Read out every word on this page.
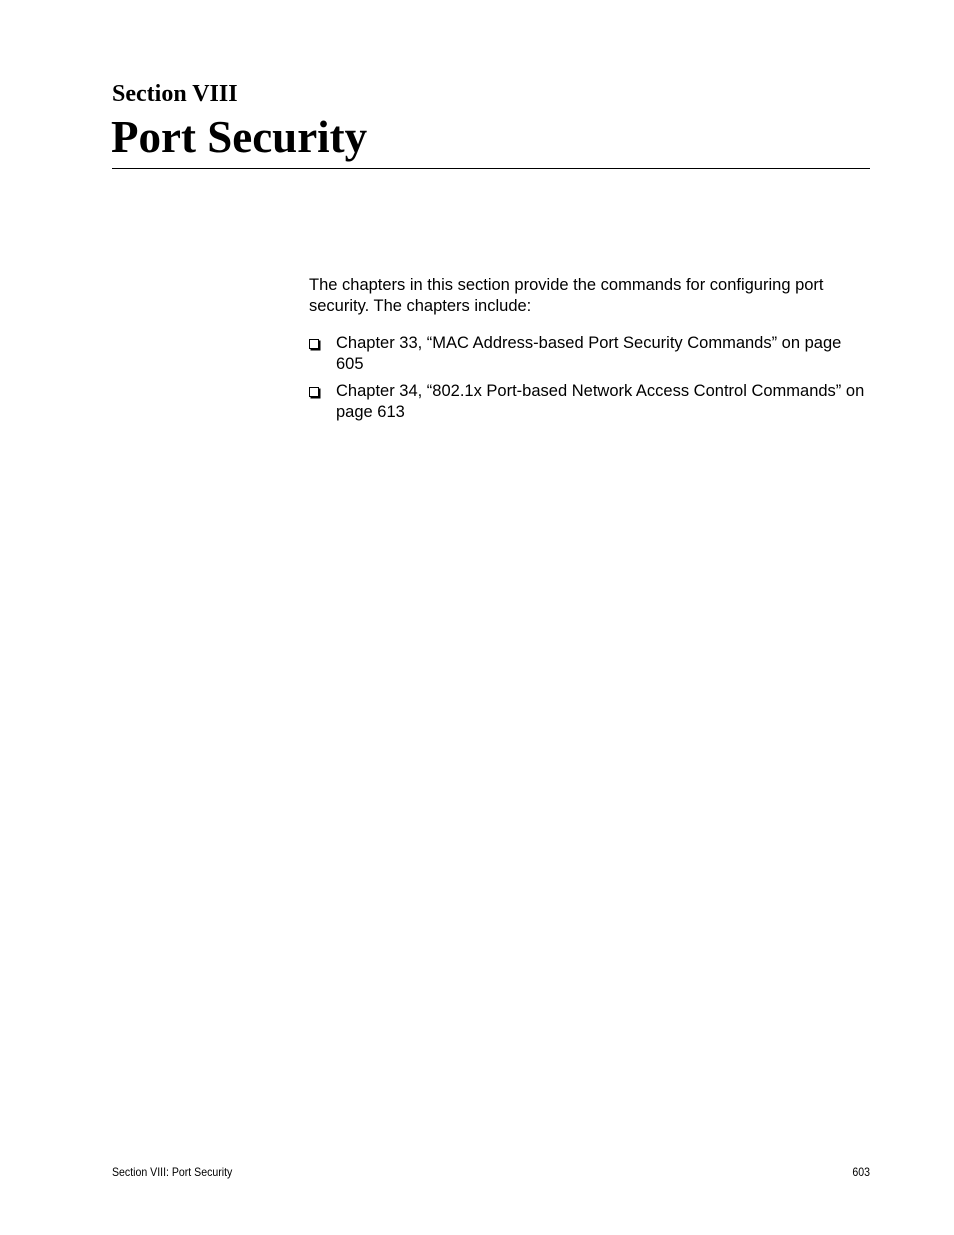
Section VIII
Port Security

The chapters in this section provide the commands for configuring port security. The chapters include:

Chapter 33, “MAC Address-based Port Security Commands” on page 605
Chapter 34, “802.1x Port-based Network Access Control Commands” on page 613
Section VIII: Port Security	603
